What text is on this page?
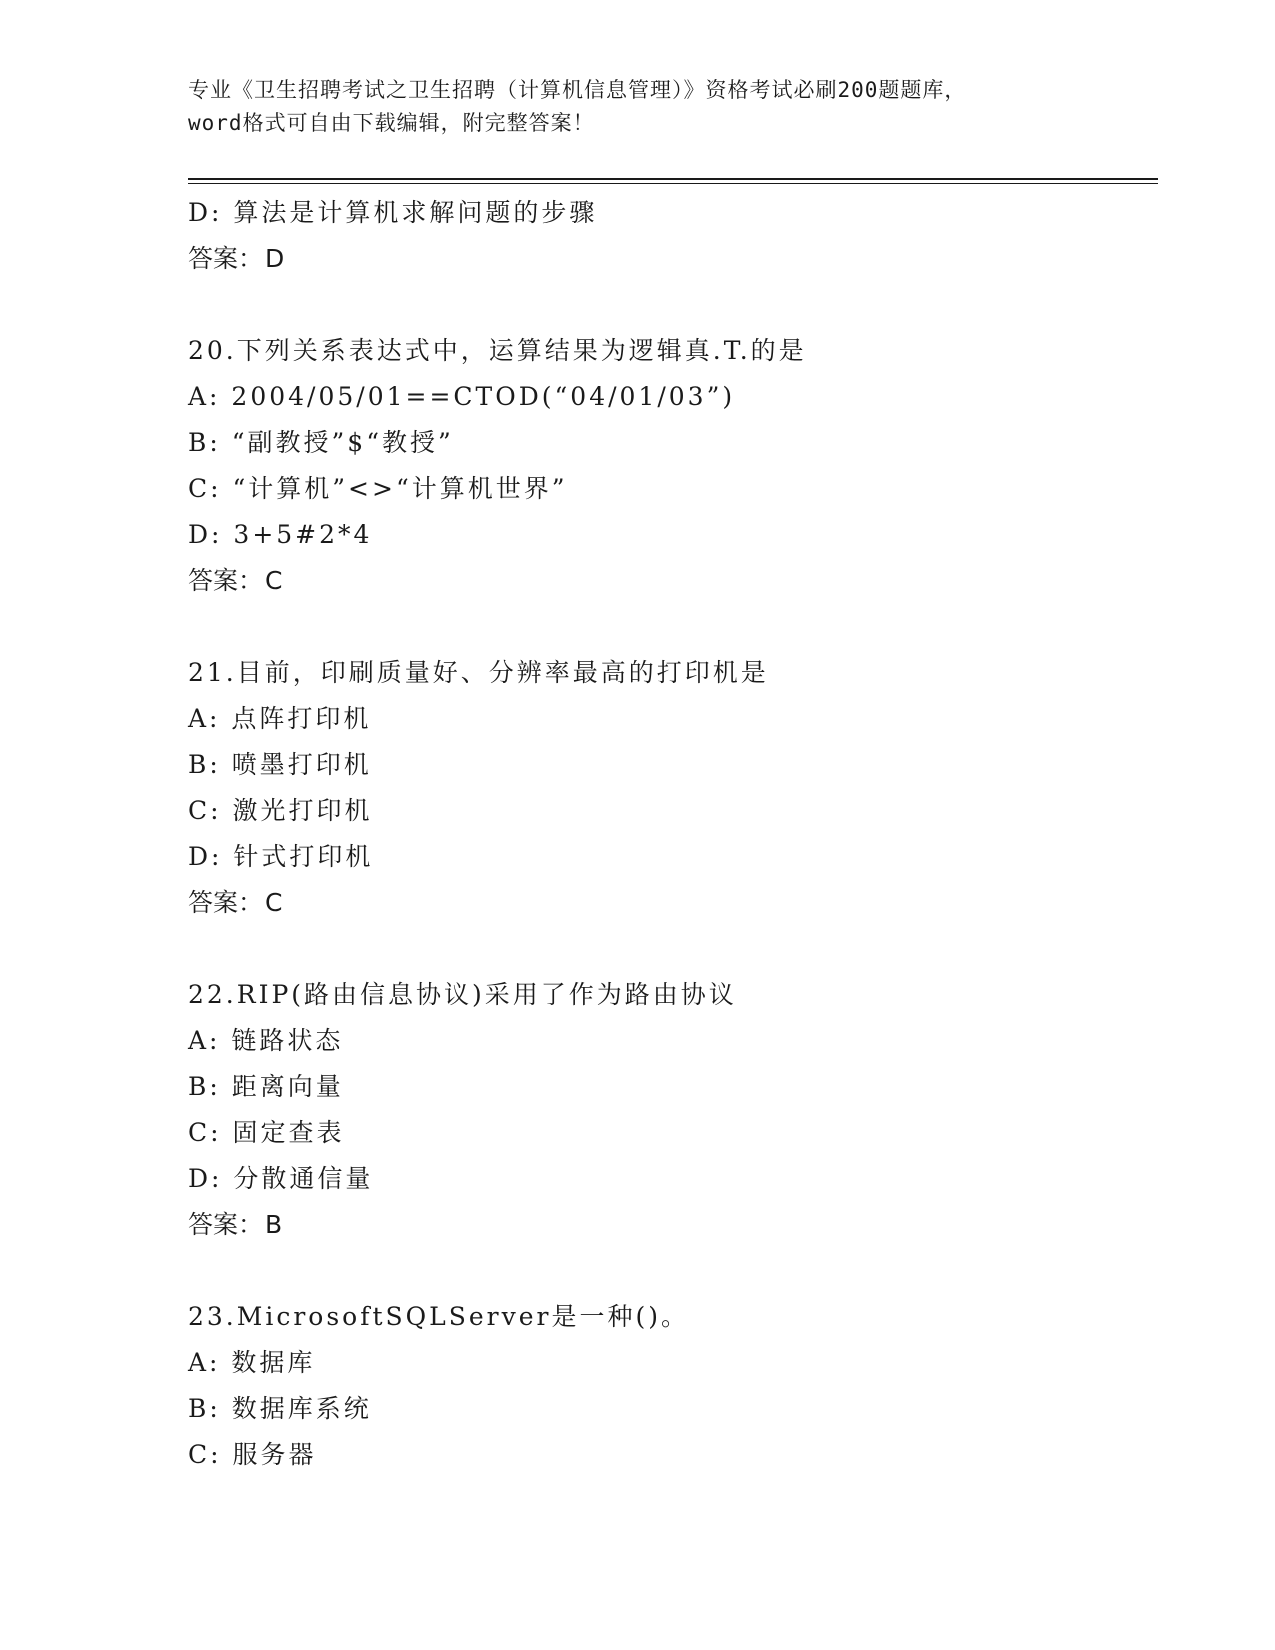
专业《卫生招聘考试之卫生招聘（计算机信息管理）》资格考试必刷200题题库，
word格式可自由下载编辑，附完整答案！
D: 算法是计算机求解问题的步骤
答案：D
20.下列关系表达式中，运算结果为逻辑真.T.的是
A: 2004/05/01==CTOD(“04/01/03”)
B: “副教授”$“教授”
C: “计算机”<>“计算机世界”
D: 3+5#2*4
答案：C
21.目前，印刷质量好、分辨率最高的打印机是
A: 点阵打印机
B: 喷墨打印机
C: 激光打印机
D: 针式打印机
答案：C
22.RIP(路由信息协议)采用了作为路由协议
A: 链路状态
B: 距离向量
C: 固定查表
D: 分散通信量
答案：B
23.MicrosoftSQLServer是一种()。
A: 数据库
B: 数据库系统
C: 服务器
